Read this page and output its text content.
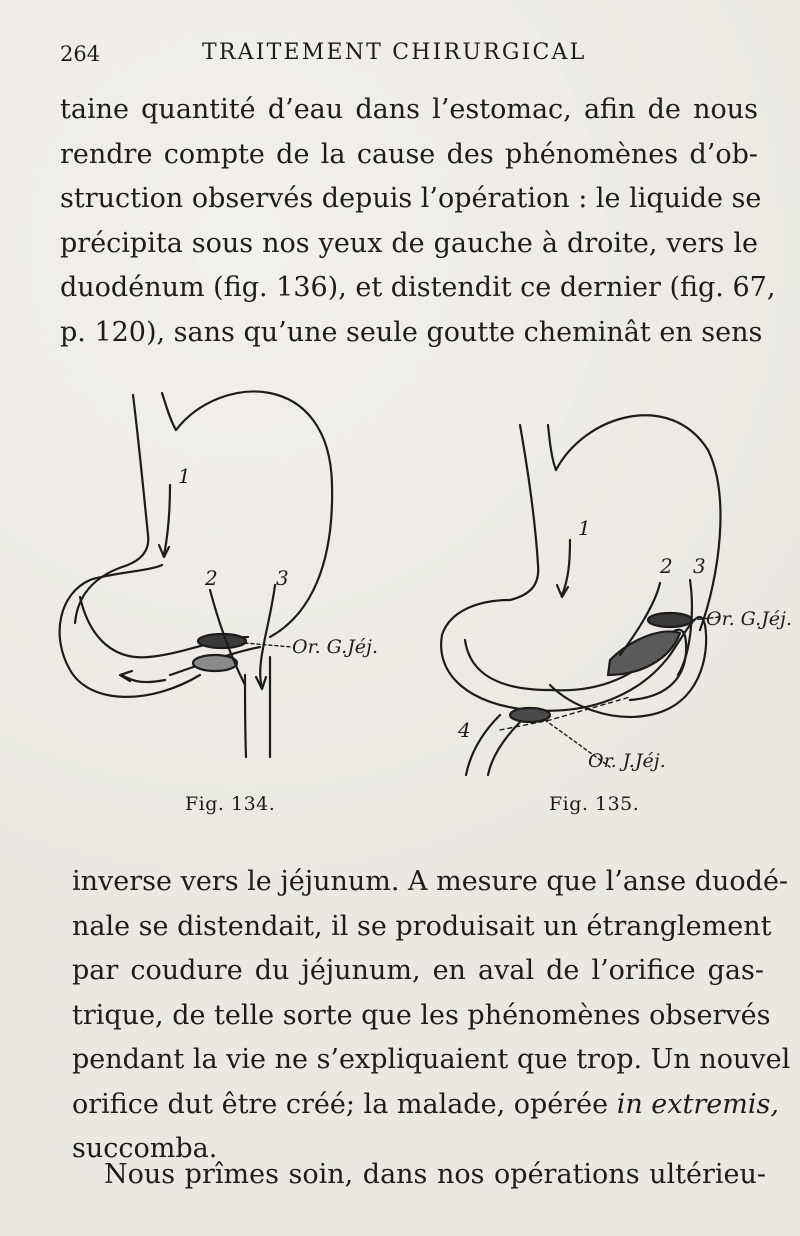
264	TRAITEMENT CHIRURGICAL

taine quantité d’eau dans l’estomac, afin de nous
rendre compte de la cause des phénomènes d’ob-
struction observés depuis l’opération : le liquide se
précipita sous nos yeux de gauche à droite, vers le
duodénum (fig. 136), et distendit ce dernier (fig. 67,
p. 120), sans qu’une seule goutte cheminât en sens

1
2	3
Or. G.Jéj.
1
2 3
4
Or. G.Jéj.
Or. J.Jéj.
Fig. 134.	Fig. 135.

inverse vers le jéjunum. A mesure que l’anse duodé-
nale se distendait, il se produisait un étranglement
par coudure du jéjunum, en aval de l’orifice gas-
trique, de telle sorte que les phénomènes observés
pendant la vie ne s’expliquaient que trop. Un nouvel
orifice dut être créé; la malade, opérée in extremis,
succomba.

Nous prîmes soin, dans nos opérations ultérieu-
